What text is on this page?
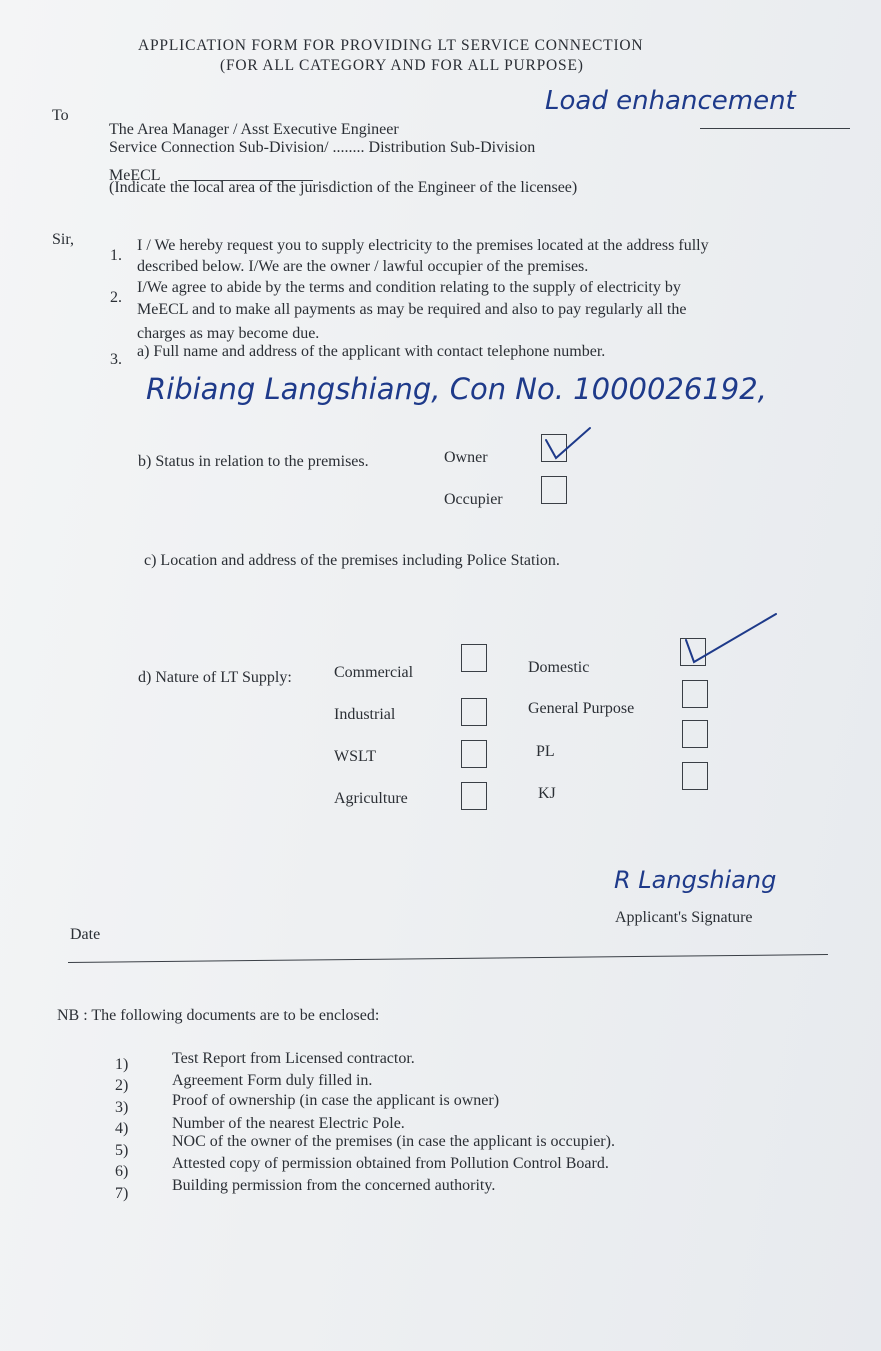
APPLICATION FORM FOR PROVIDING LT SERVICE CONNECTION
(FOR ALL CATEGORY AND FOR ALL PURPOSE)
Load enhancement
To
The Area Manager / Asst Executive Engineer
Service Connection Sub-Division/ ........ Distribution Sub-Division
MeECL
(Indicate the local area of the jurisdiction of the Engineer of the licensee)
Sir,
1.
I / We hereby request you to supply electricity to the premises located at the address fully
described below. I/We are the owner / lawful occupier of the premises.
2.
I/We agree to abide by the terms and condition relating to the supply of electricity by
MeECL and to make all payments as may be required and also to pay regularly all the
charges as may become due.
3. a) Full name and address of the applicant with contact telephone number.
Ribiang Langshiang, Con No. 1000026192,
b) Status in relation to the premises.	Owner
Occupier
c) Location and address of the premises including Police Station.
d) Nature of LT Supply:	Commercial
Industrial
WSLT
Agriculture
Domestic
General Purpose
PL
KJ
R Langshiang
Applicant's Signature
Date
NB : The following documents are to be enclosed:
1)	Test Report from Licensed contractor.
2)	Agreement Form duly filled in.
3)	Proof of ownership (in case the applicant is owner)
4)	Number of the nearest Electric Pole.
5)
NOC of the owner of the premises (in case the applicant is occupier).
6)	Attested copy of permission obtained from Pollution Control Board.
7)	Building permission from the concerned authority.
